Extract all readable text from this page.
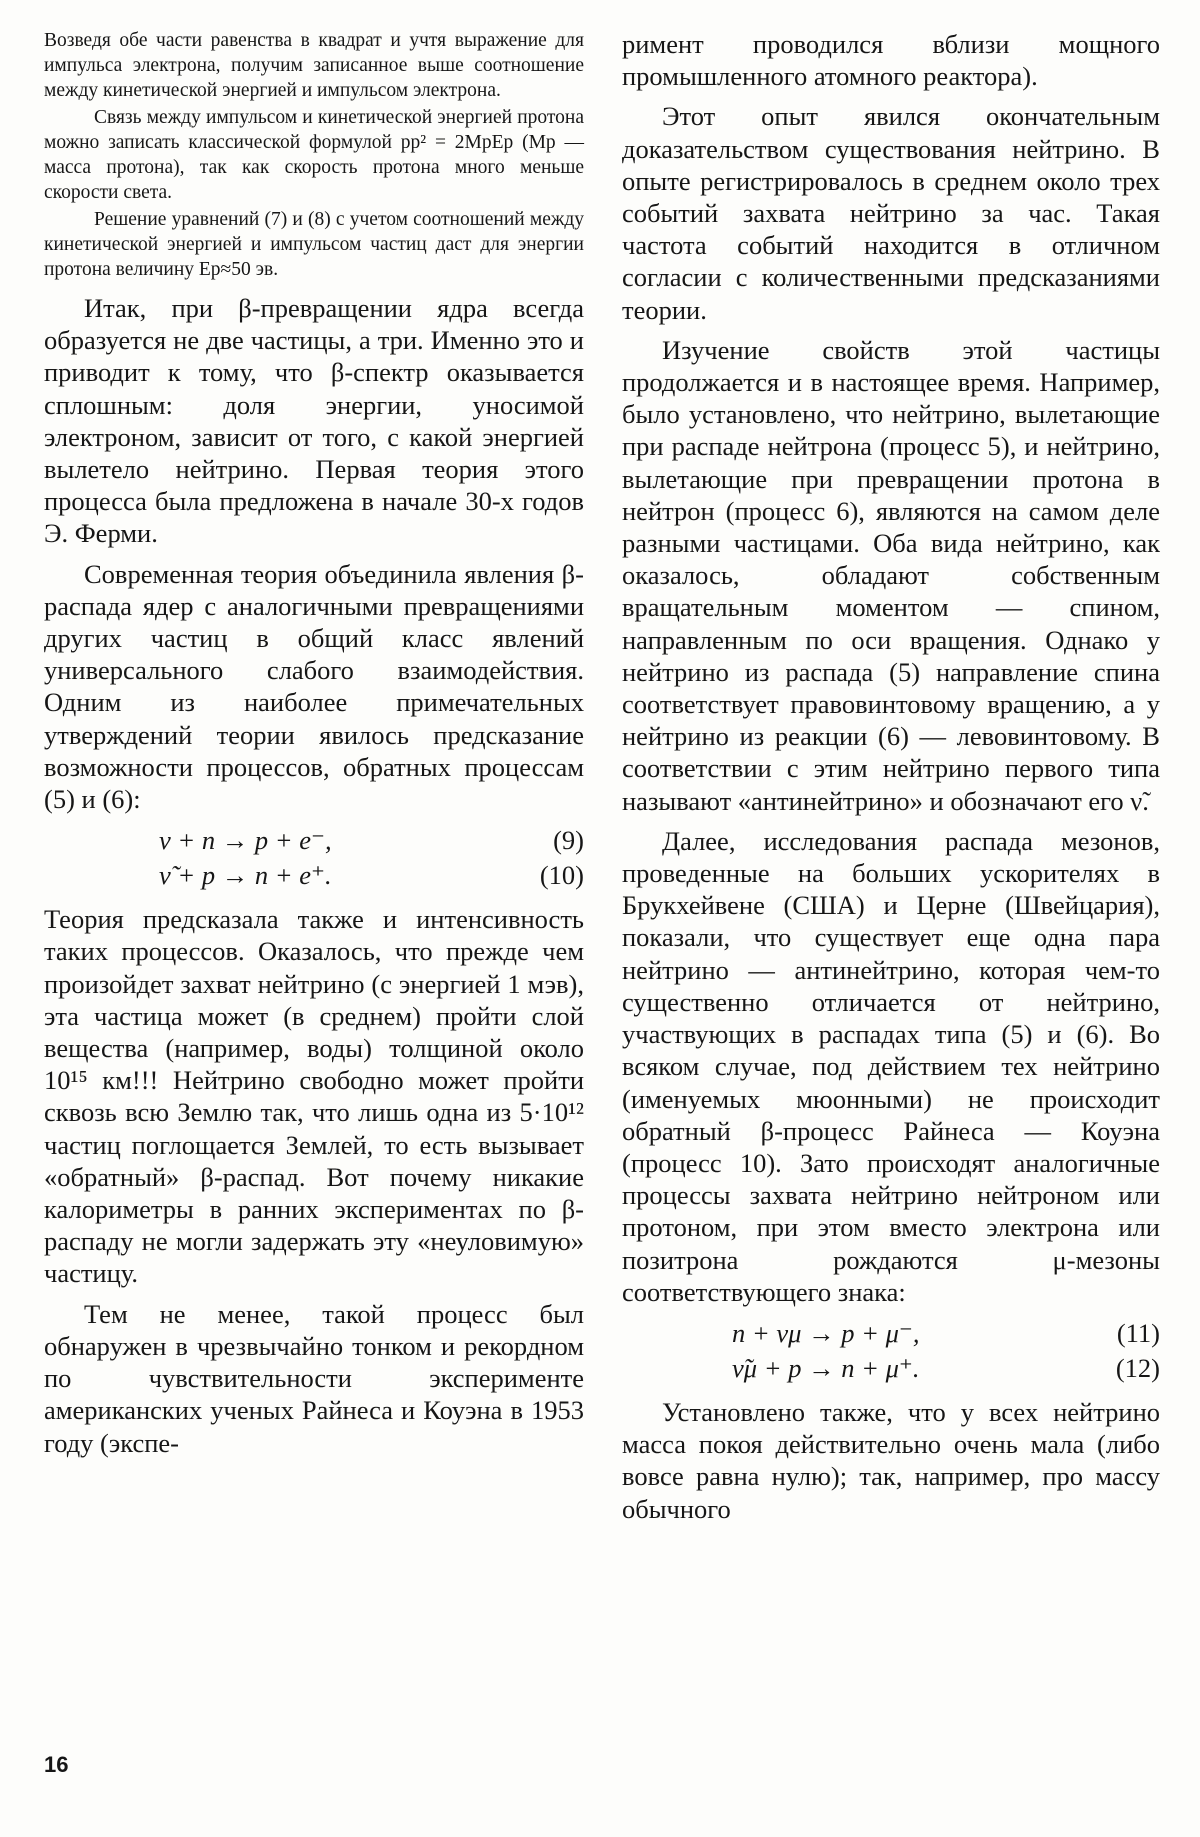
Возведя обе части равенства в квадрат и учтя выражение для импульса электрона, получим записанное выше соотношение между кинетической энергией и импульсом электрона.

Связь между импульсом и кинетической энергией протона можно записать классической формулой pp² = 2MpEp (Mp — масса протона), так как скорость протона много меньше скорости света.

Решение уравнений (7) и (8) с учетом соотношений между кинетической энергией и импульсом частиц даст для энергии протона величину Ep≈50 эв.

Итак, при β-превращении ядра всегда образуется не две частицы, а три. Именно это и приводит к тому, что β-спектр оказывается сплошным: доля энергии, уносимой электроном, зависит от того, с какой энергией вылетело нейтрино. Первая теория этого процесса была предложена в начале 30-х годов Э. Ферми.

Современная теория объединила явления β-распада ядер с аналогичными превращениями других частиц в общий класс явлений универсального слабого взаимодействия. Одним из наиболее примечательных утверждений теории явилось предсказание возможности процессов, обратных процессам (5) и (6):

ν + n → p + e⁻,	(9)
ν̃ + p → n + e⁺.	(10)

Теория предсказала также и интенсивность таких процессов. Оказалось, что прежде чем произойдет захват нейтрино (с энергией 1 мэв), эта частица может (в среднем) пройти слой вещества (например, воды) толщиной около 10¹⁵ км!!! Нейтрино свободно может пройти сквозь всю Землю так, что лишь одна из 5·10¹² частиц поглощается Землей, то есть вызывает «обратный» β-распад. Вот почему никакие калориметры в ранних экспериментах по β-распаду не могли задержать эту «неуловимую» частицу.

Тем не менее, такой процесс был обнаружен в чрезвычайно тонком и рекордном по чувствительности эксперименте американских ученых Райнеса и Коуэна в 1953 году (экспе-

римент проводился вблизи мощного промышленного атомного реактора).

Этот опыт явился окончательным доказательством существования нейтрино. В опыте регистрировалось в среднем около трех событий захвата нейтрино за час. Такая частота событий находится в отличном согласии с количественными предсказаниями теории.

Изучение свойств этой частицы продолжается и в настоящее время. Например, было установлено, что нейтрино, вылетающие при распаде нейтрона (процесс 5), и нейтрино, вылетающие при превращении протона в нейтрон (процесс 6), являются на самом деле разными частицами. Оба вида нейтрино, как оказалось, обладают собственным вращательным моментом — спином, направленным по оси вращения. Однако у нейтрино из распада (5) направление спина соответствует правовинтовому вращению, а у нейтрино из реакции (6) — левовинтовому. В соответствии с этим нейтрино первого типа называют «антинейтрино» и обозначают его ν̃.

Далее, исследования распада мезонов, проведенные на больших ускорителях в Брукхейвене (США) и Церне (Швейцария), показали, что существует еще одна пара нейтрино — антинейтрино, которая чем-то существенно отличается от нейтрино, участвующих в распадах типа (5) и (6). Во всяком случае, под действием тех нейтрино (именуемых мюонными) не происходит обратный β-процесс Райнеса — Коуэна (процесс 10). Зато происходят аналогичные процессы захвата нейтрино нейтроном или протоном, при этом вместо электрона или позитрона рождаются μ-мезоны соответствующего знака:

n + νμ → p + μ⁻,	(11)
ν̃μ + p → n + μ⁺.	(12)

Установлено также, что у всех нейтрино масса покоя действительно очень мала (либо вовсе равна нулю); так, например, про массу обычного

16
